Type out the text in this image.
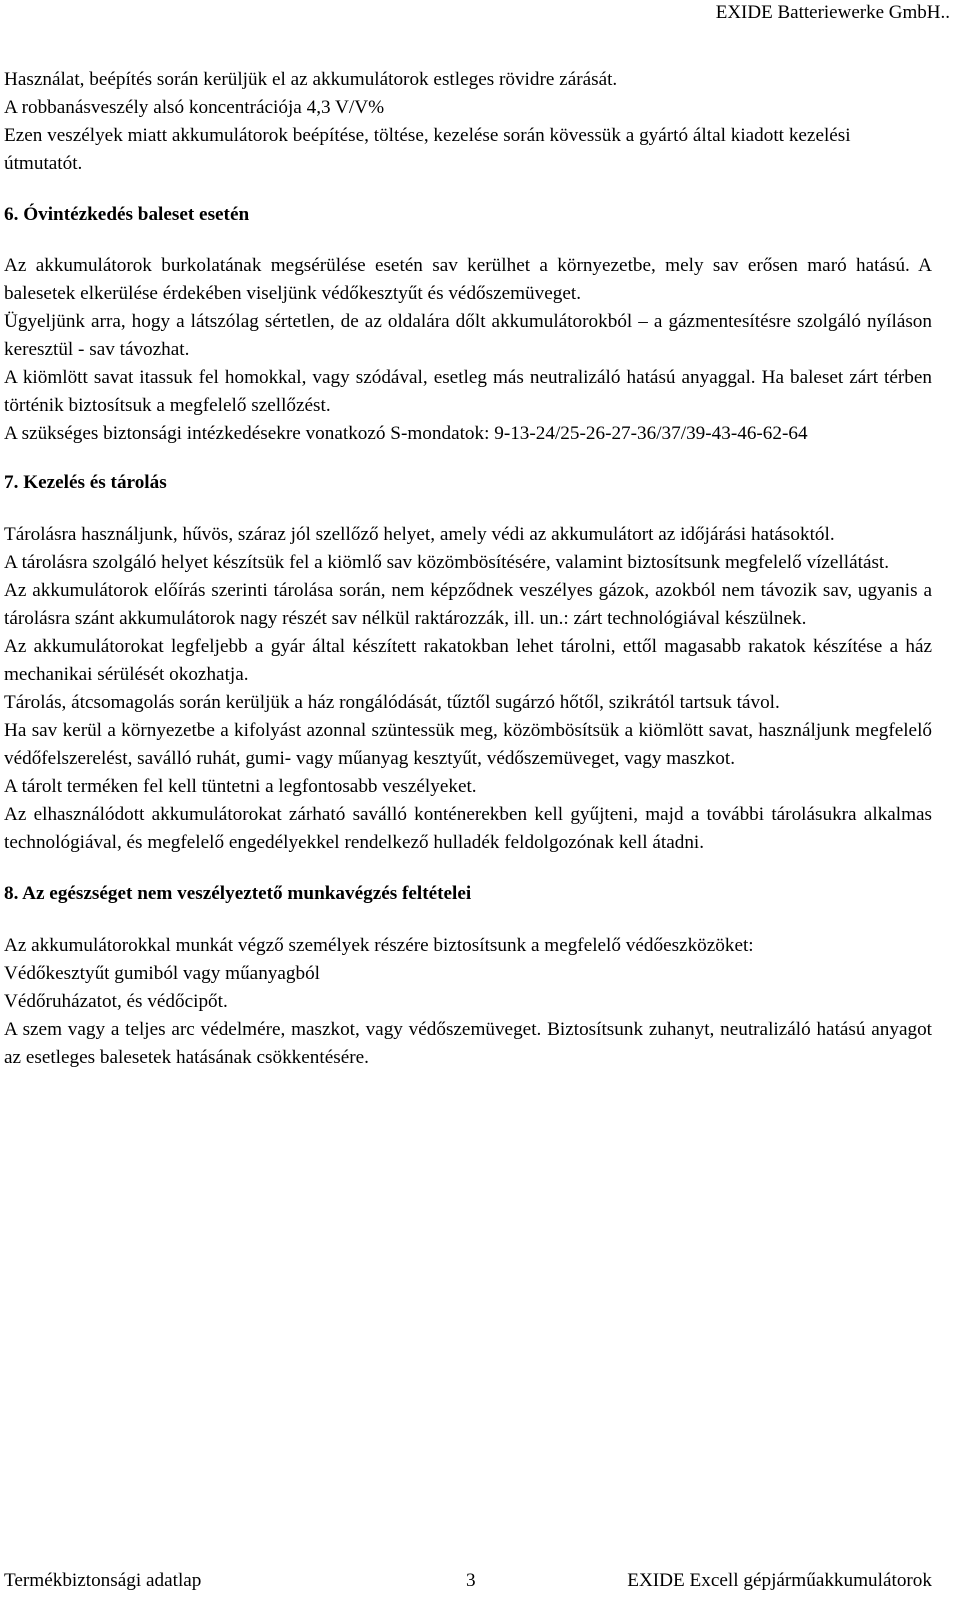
EXIDE Batteriewerke GmbH..

Használat, beépítés során kerüljük el az akkumulátorok estleges rövidre zárását.

A robbanásveszély alsó koncentrációja 4,3 V/V%

Ezen veszélyek miatt akkumulátorok beépítése, töltése, kezelése során kövessük a gyártó által kiadott kezelési útmutatót.

6. Óvintézkedés baleset esetén

Az akkumulátorok burkolatának megsérülése esetén sav kerülhet a környezetbe, mely sav erősen maró hatású. A balesetek elkerülése érdekében viseljünk védőkesztyűt és védőszemüveget.

Ügyeljünk arra, hogy a látszólag sértetlen, de az oldalára dőlt akkumulátorokból – a gázmentesítésre szolgáló nyíláson keresztül - sav távozhat.

A kiömlött savat itassuk fel homokkal, vagy szódával, esetleg más neutralizáló hatású anyaggal. Ha baleset zárt térben történik biztosítsuk a megfelelő szellőzést.

A szükséges biztonsági intézkedésekre vonatkozó S-mondatok: 9-13-24/25-26-27-36/37/39-43-46-62-64

7. Kezelés és tárolás

Tárolásra használjunk, hűvös, száraz jól szellőző helyet, amely védi az akkumulátort az időjárási hatásoktól.

A tárolásra szolgáló helyet készítsük fel a kiömlő sav közömbösítésére, valamint biztosítsunk megfelelő vízellátást.

Az akkumulátorok előírás szerinti tárolása során, nem képződnek veszélyes gázok, azokból nem távozik sav, ugyanis a tárolásra szánt akkumulátorok nagy részét sav nélkül raktározzák, ill. un.: zárt technológiával készülnek.

Az akkumulátorokat legfeljebb a gyár által készített rakatokban lehet tárolni, ettől magasabb rakatok készítése a ház mechanikai sérülését okozhatja.

Tárolás, átcsomagolás során kerüljük a ház rongálódását, tűztől sugárzó hőtől, szikrától tartsuk távol.

Ha sav kerül a környezetbe a kifolyást azonnal szüntessük meg, közömbösítsük a kiömlött savat, használjunk megfelelő védőfelszerelést, saválló ruhát, gumi- vagy műanyag kesztyűt, védőszemüveget, vagy maszkot.

A tárolt terméken fel kell tüntetni a legfontosabb veszélyeket.

Az elhasználódott akkumulátorokat zárható saválló konténerekben kell gyűjteni, majd a további tárolásukra alkalmas technológiával, és megfelelő engedélyekkel rendelkező hulladék feldolgozónak kell átadni.

8. Az egészséget nem veszélyeztető munkavégzés feltételei

Az akkumulátorokkal munkát végző személyek részére biztosítsunk a megfelelő védőeszközöket:

Védőkesztyűt gumiból vagy műanyagból

Védőruházatot, és védőcipőt.

A szem vagy a teljes arc védelmére, maszkot, vagy védőszemüveget. Biztosítsunk zuhanyt, neutralizáló hatású anyagot az esetleges balesetek hatásának csökkentésére.

Termékbiztonsági adatlap	3	EXIDE Excell gépjárműakkumulátorok
